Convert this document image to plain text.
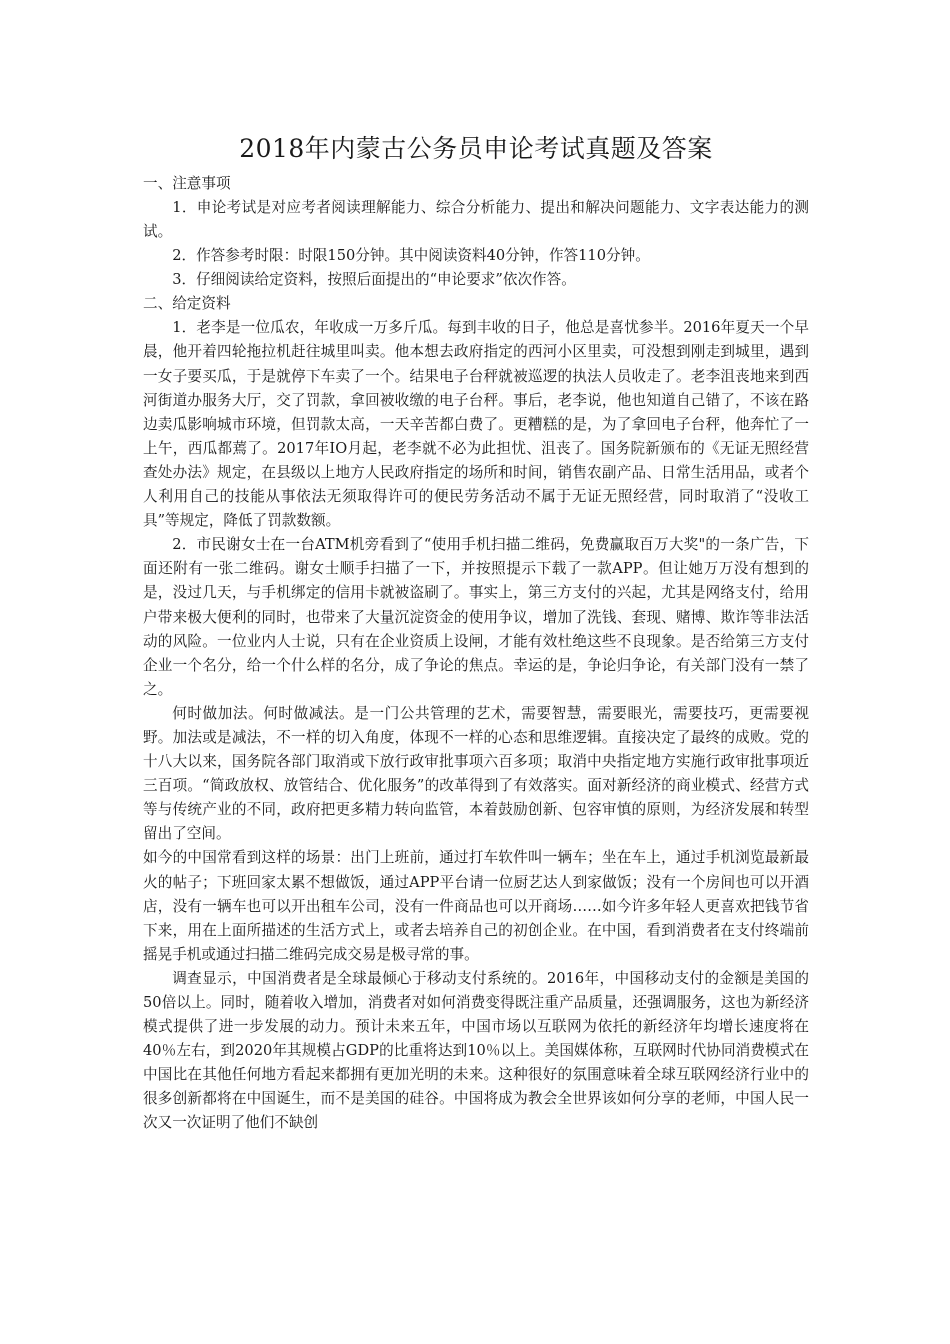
2018年内蒙古公务员申论考试真题及答案
一、注意事项

1．申论考试是对应考者阅读理解能力、综合分析能力、提出和解决问题能力、文字表达能力的测试。

2．作答参考时限：时限150分钟。其中阅读资料40分钟，作答110分钟。

3．仔细阅读给定资料，按照后面提出的“申论要求”依次作答。

二、给定资料

1．老李是一位瓜农，年收成一万多斤瓜。每到丰收的日子，他总是喜忧参半。2016年夏天一个早晨，他开着四轮拖拉机赶往城里叫卖。他本想去政府指定的西河小区里卖，可没想到刚走到城里，遇到一女子要买瓜，于是就停下车卖了一个。结果电子台秤就被巡逻的执法人员收走了。老李沮丧地来到西河街道办服务大厅，交了罚款，拿回被收缴的电子台秤。事后，老李说，他也知道自己错了，不该在路边卖瓜影响城市环境，但罚款太高，一天辛苦都白费了。更糟糕的是，为了拿回电子台秤，他奔忙了一上午，西瓜都蔫了。2017年IO月起，老李就不必为此担忧、沮丧了。国务院新颁布的《无证无照经营查处办法》规定，在县级以上地方人民政府指定的场所和时间，销售农副产品、日常生活用品，或者个人利用自己的技能从事依法无须取得许可的便民劳务活动不属于无证无照经营，同时取消了“没收工具”等规定，降低了罚款数额。

2．市民谢女士在一台ATM机旁看到了“使用手机扫描二维码，免费赢取百万大奖"的一条广告，下面还附有一张二维码。谢女士顺手扫描了一下，并按照提示下载了一款APP。但让她万万没有想到的是，没过几天，与手机绑定的信用卡就被盗刷了。事实上，第三方支付的兴起，尤其是网络支付，给用户带来极大便利的同时，也带来了大量沉淀资金的使用争议，增加了洗钱、套现、赌博、欺诈等非法活动的风险。一位业内人士说，只有在企业资质上设闸，才能有效杜绝这些不良现象。是否给第三方支付企业一个名分，给一个什么样的名分，成了争论的焦点。幸运的是，争论归争论，有关部门没有一禁了之。

何时做加法。何时做减法。是一门公共管理的艺术，需要智慧，需要眼光，需要技巧，更需要视野。加法或是减法，不一样的切入角度，体现不一样的心态和思维逻辑。直接决定了最终的成败。党的十八大以来，国务院各部门取消或下放行政审批事项六百多项；取消中央指定地方实施行政审批事项近三百项。“简政放权、放管结合、优化服务”的改革得到了有效落实。面对新经济的商业模式、经营方式等与传统产业的不同，政府把更多精力转向监管，本着鼓励创新、包容审慎的原则，为经济发展和转型留出了空间。

如今的中国常看到这样的场景：出门上班前，通过打车软件叫一辆车；坐在车上，通过手机浏览最新最火的帖子；下班回家太累不想做饭，通过APP平台请一位厨艺达人到家做饭；没有一个房间也可以开酒店，没有一辆车也可以开出租车公司，没有一件商品也可以开商场……如今许多年轻人更喜欢把钱节省下来，用在上面所描述的生活方式上，或者去培养自己的初创企业。在中国，看到消费者在支付终端前摇晃手机或通过扫描二维码完成交易是极寻常的事。

调查显示，中国消费者是全球最倾心于移动支付系统的。2016年，中国移动支付的金额是美国的50倍以上。同时，随着收入增加，消费者对如何消费变得既注重产品质量，还强调服务，这也为新经济模式提供了进一步发展的动力。预计未来五年，中国市场以互联网为依托的新经济年均增长速度将在40％左右，到2020年其规模占GDP的比重将达到10％以上。美国媒体称，互联网时代协同消费模式在中国比在其他任何地方看起来都拥有更加光明的未来。这种很好的氛围意味着全球互联网经济行业中的很多创新都将在中国诞生，而不是美国的硅谷。中国将成为教会全世界该如何分享的老师，中国人民一次又一次证明了他们不缺创
